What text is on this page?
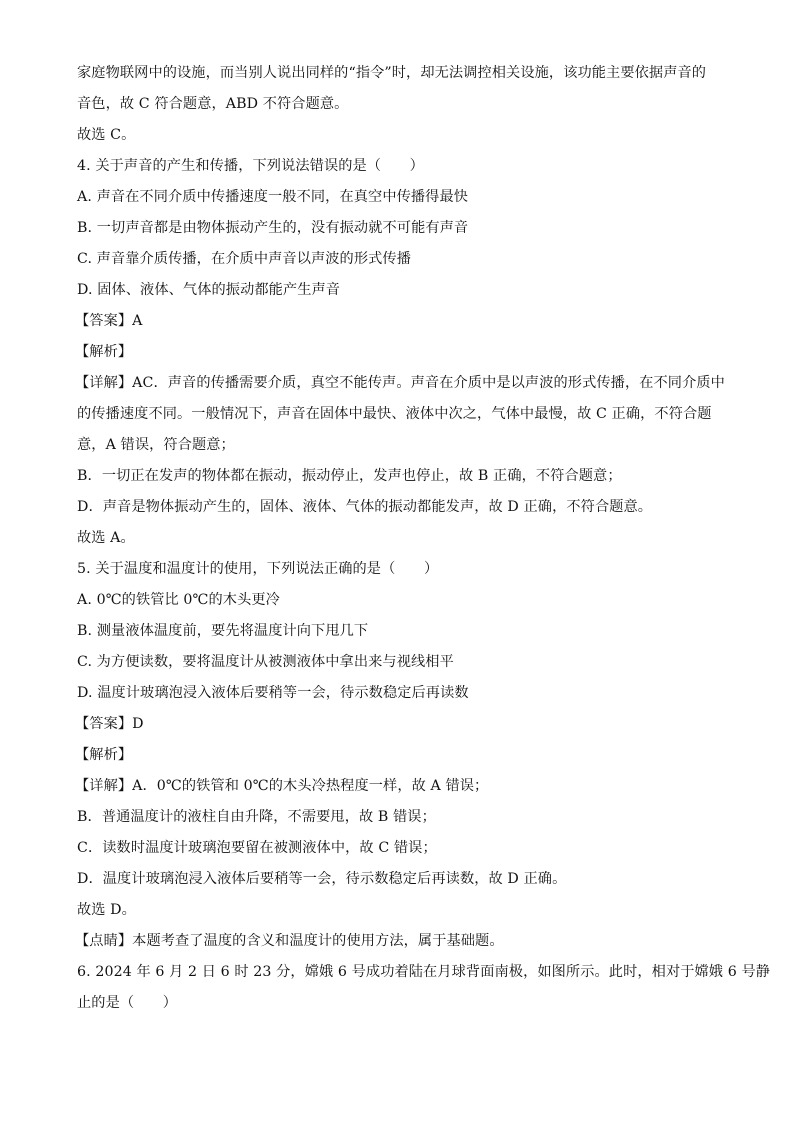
家庭物联网中的设施，而当别人说出同样的“指令”时，却无法调控相关设施，该功能主要依据声音的
音色，故 C 符合题意，ABD 不符合题意。
故选 C。
4. 关于声音的产生和传播，下列说法错误的是（　　）
A. 声音在不同介质中传播速度一般不同，在真空中传播得最快
B. 一切声音都是由物体振动产生的，没有振动就不可能有声音
C. 声音靠介质传播，在介质中声音以声波的形式传播
D. 固体、液体、气体的振动都能产生声音
【答案】A
【解析】
【详解】AC．声音的传播需要介质，真空不能传声。声音在介质中是以声波的形式传播，在不同介质中
的传播速度不同。一般情况下，声音在固体中最快、液体中次之，气体中最慢，故 C 正确，不符合题
意，A 错误，符合题意；
B．一切正在发声的物体都在振动，振动停止，发声也停止，故 B 正确，不符合题意；
D．声音是物体振动产生的，固体、液体、气体的振动都能发声，故 D 正确，不符合题意。
故选 A。
5. 关于温度和温度计的使用，下列说法正确的是（　　）
A. 0℃的铁管比 0℃的木头更冷
B. 测量液体温度前，要先将温度计向下甩几下
C. 为方便读数，要将温度计从被测液体中拿出来与视线相平
D. 温度计玻璃泡浸入液体后要稍等一会，待示数稳定后再读数
【答案】D
【解析】
【详解】A．0℃的铁管和 0℃的木头冷热程度一样，故 A 错误；
B．普通温度计的液柱自由升降，不需要甩，故 B 错误；
C．读数时温度计玻璃泡要留在被测液体中，故 C 错误；
D．温度计玻璃泡浸入液体后要稍等一会，待示数稳定后再读数，故 D 正确。
故选 D。
【点睛】本题考查了温度的含义和温度计的使用方法，属于基础题。
6. 2024 年 6 月 2 日 6 时 23 分，嫦娥 6 号成功着陆在月球背面南极，如图所示。此时，相对于嫦娥 6 号静
止的是（　　）
